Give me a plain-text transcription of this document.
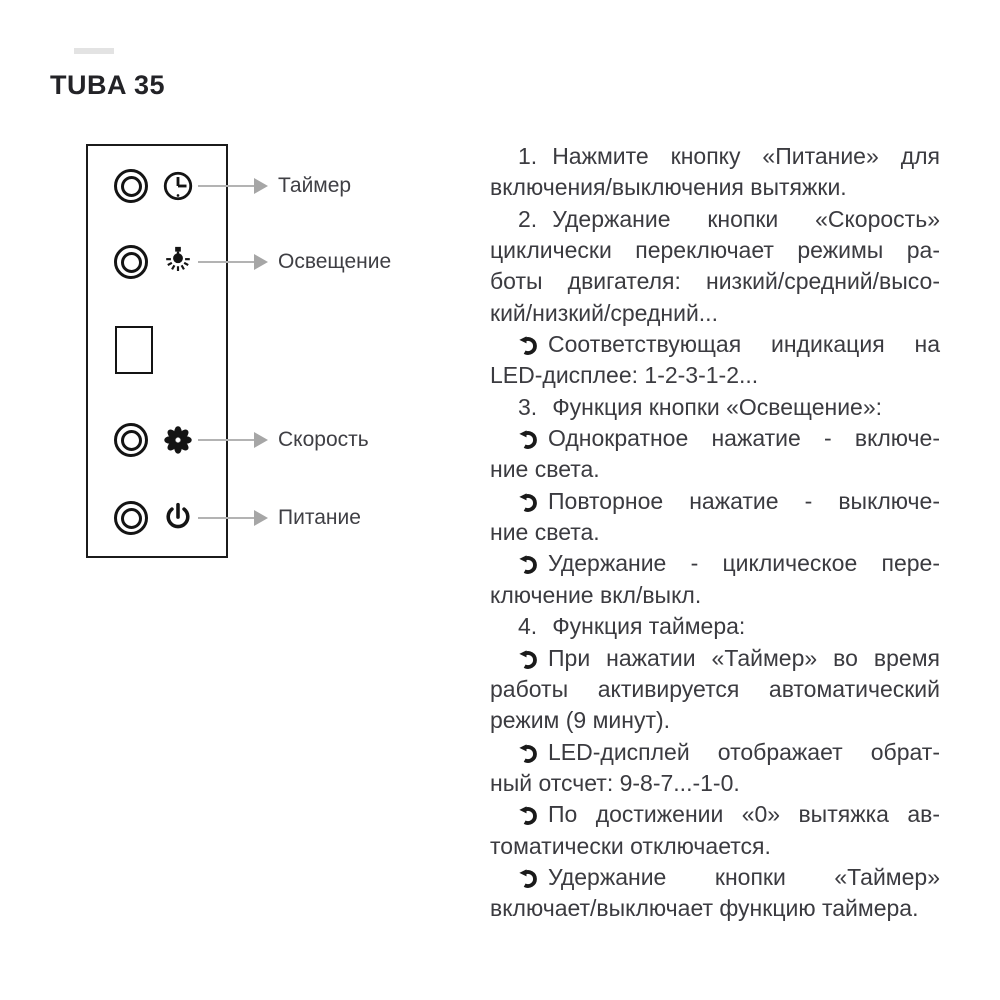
TUBA 35
Таймер
Освещение
Скорость
Питание
1. Нажмите кнопку «Питание» для
включения/выключения вытяжки.
2. Удержание кнопки «Скорость»
циклически переключает режимы ра-
боты двигателя: низкий/средний/высо-
кий/низкий/средний...
Соответствующая индикация на
LED-дисплее: 1-2-3-1-2...
3. Функция кнопки «Освещение»:
Однократное нажатие - включе-
ние света.
Повторное нажатие - выключе-
ние света.
Удержание - циклическое пере-
ключение вкл/выкл.
4. Функция таймера:
При нажатии «Таймер» во время
работы активируется автоматический
режим (9 минут).
LED-дисплей отображает обрат-
ный отсчет: 9-8-7...-1-0.
По достижении «0» вытяжка ав-
томатически отключается.
Удержание кнопки «Таймер»
включает/выключает функцию таймера.
